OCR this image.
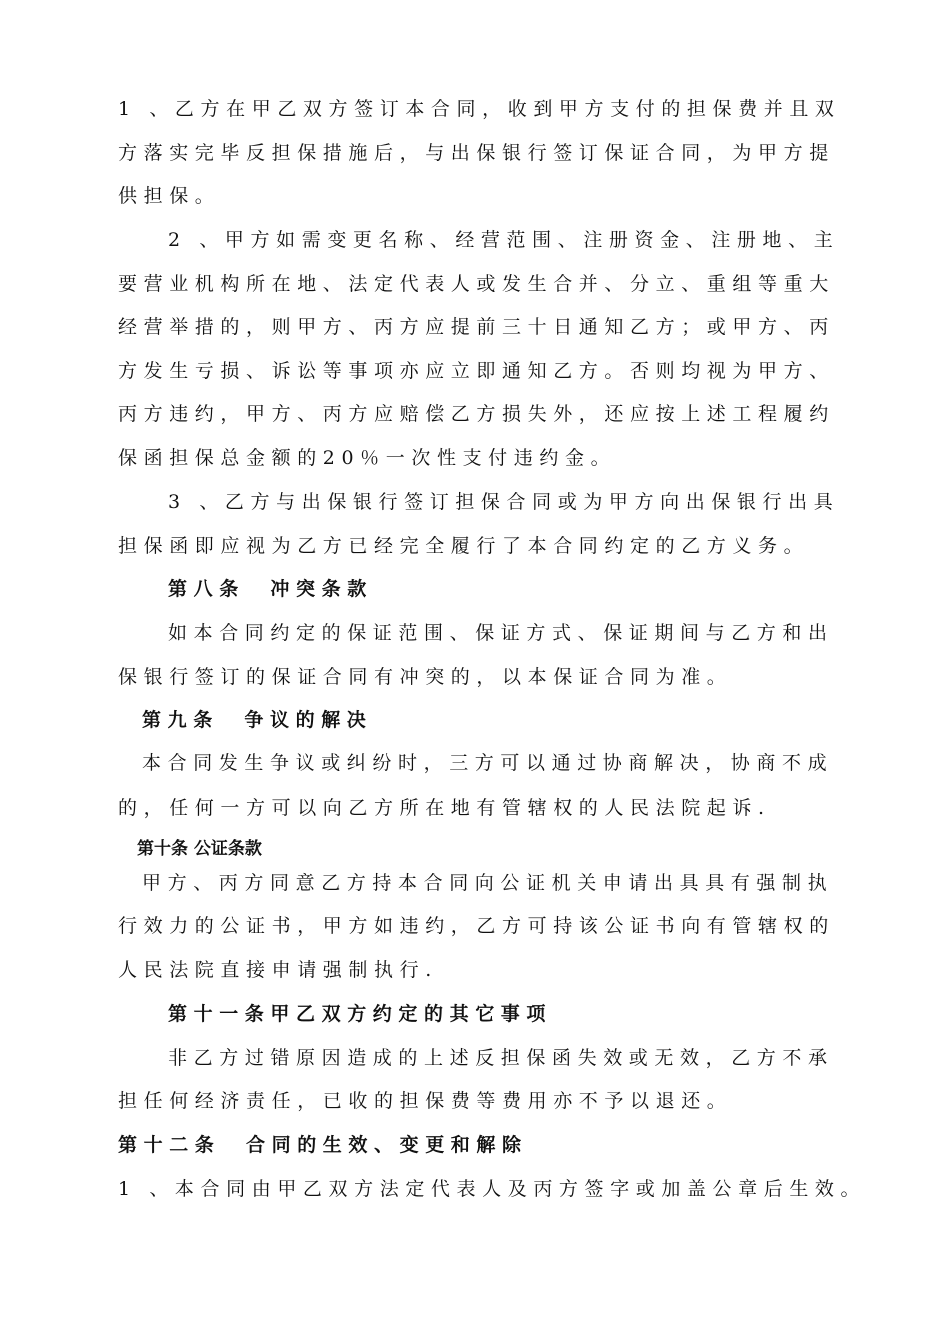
1 、乙方在甲乙双方签订本合同，收到甲方支付的担保费并且双

方落实完毕反担保措施后，与出保银行签订保证合同，为甲方提

供担保。

2 、甲方如需变更名称、经营范围、注册资金、注册地、主

要营业机构所在地、法定代表人或发生合并、分立、重组等重大

经营举措的，则甲方、丙方应提前三十日通知乙方；或甲方、丙

方发生亏损、诉讼等事项亦应立即通知乙方。否则均视为甲方、

丙方违约，甲方、丙方应赔偿乙方损失外，还应按上述工程履约

保函担保总金额的20％一次性支付违约金。

3 、乙方与出保银行签订担保合同或为甲方向出保银行出具

担保函即应视为乙方已经完全履行了本合同约定的乙方义务。

第八条　冲突条款

如本合同约定的保证范围、保证方式、保证期间与乙方和出

保银行签订的保证合同有冲突的，以本保证合同为准。

第九条　争议的解决

本合同发生争议或纠纷时，三方可以通过协商解决，协商不成

的，任何一方可以向乙方所在地有管辖权的人民法院起诉.

第十条 公证条款

甲方、丙方同意乙方持本合同向公证机关申请出具具有强制执

行效力的公证书，甲方如违约，乙方可持该公证书向有管辖权的

人民法院直接申请强制执行.

第十一条甲乙双方约定的其它事项

非乙方过错原因造成的上述反担保函失效或无效，乙方不承

担任何经济责任，已收的担保费等费用亦不予以退还。

第十二条　合同的生效、变更和解除

1 、本合同由甲乙双方法定代表人及丙方签字或加盖公章后生效。
